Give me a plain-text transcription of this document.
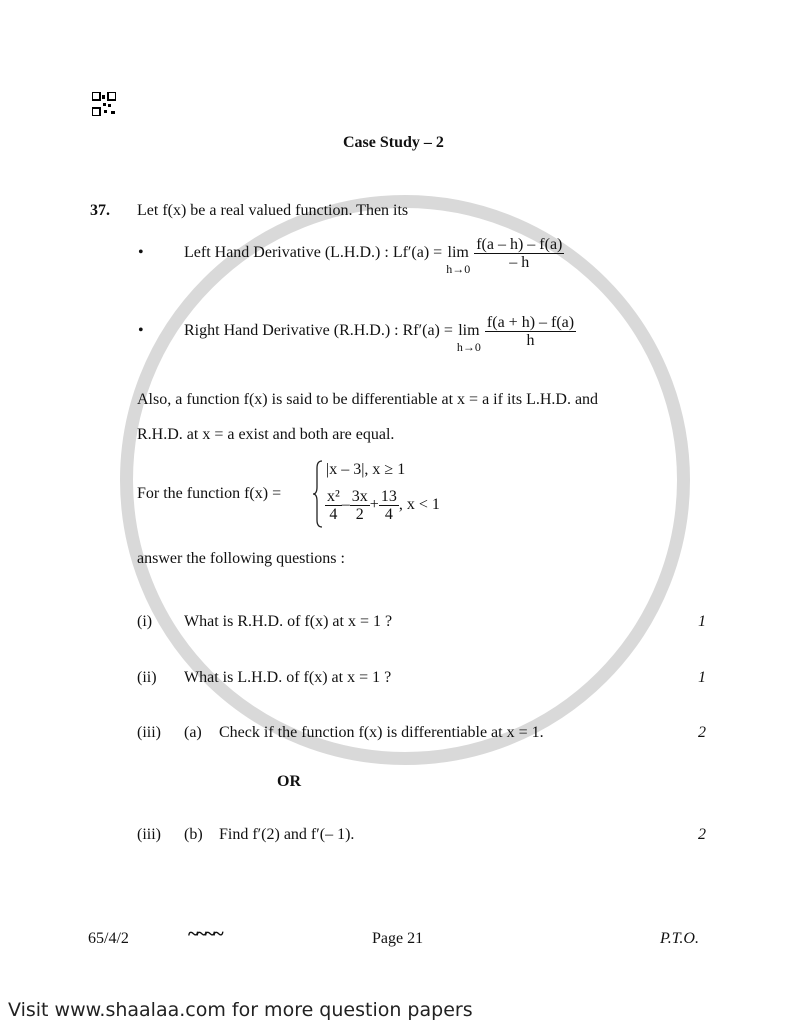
Case Study – 2
37. Let f(x) be a real valued function. Then its
•	Left Hand Derivative (L.H.D.) : Lf′(a) = lim
$h\to 0 \frac{f(a - h) - f(a)}{- h}$
•	Right Hand Derivative (R.H.D.) : Rf′(a) = lim
$h\to 0 \frac{f(a + h) - f(a)}{h}$
Also, a function f(x) is said to be differentiable at x = a if its L.H.D. and
R.H.D. at x = a exist and both are equal.
For the function f(x) =
|x – 3|, x ≥ 1
$\frac{\text{x²}}{4} - \frac{3x}{2} + \frac{13}{4}$ , x < 1
answer the following questions :
(i) What is R.H.D. of f(x) at x = 1 ?	1
(ii) What is L.H.D. of f(x) at x = 1 ?	1
(iii) (a) Check if the function f(x) is differentiable at x = 1.	2
OR
(iii) (b) Find f′(2) and f′(– 1).	2
65/4/2	~~~~	Page 21	P.T.O.
Visit www.shaalaa.com for more question papers
